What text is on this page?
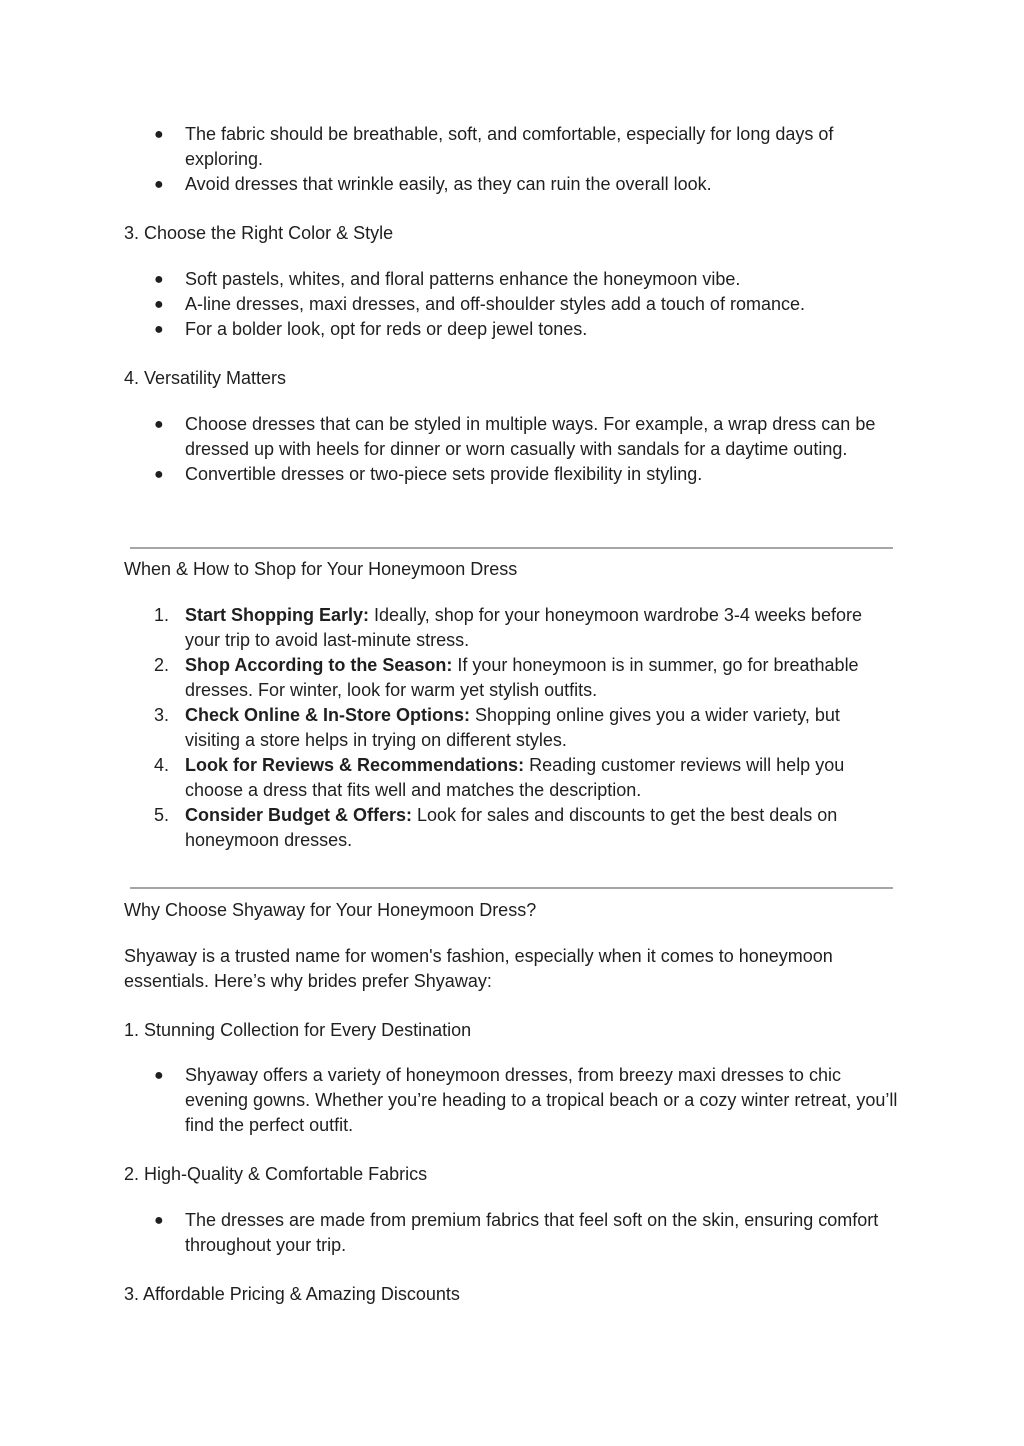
●	The fabric should be breathable, soft, and comfortable, especially for long days of exploring.
●	Avoid dresses that wrinkle easily, as they can ruin the overall look.

3. Choose the Right Color & Style

●	Soft pastels, whites, and floral patterns enhance the honeymoon vibe.
●	A-line dresses, maxi dresses, and off-shoulder styles add a touch of romance.
●	For a bolder look, opt for reds or deep jewel tones.

4. Versatility Matters

●	Choose dresses that can be styled in multiple ways. For example, a wrap dress can be dressed up with heels for dinner or worn casually with sandals for a daytime outing.
●	Convertible dresses or two-piece sets provide flexibility in styling.

When & How to Shop for Your Honeymoon Dress

1. Start Shopping Early: Ideally, shop for your honeymoon wardrobe 3-4 weeks before your trip to avoid last-minute stress.
2. Shop According to the Season: If your honeymoon is in summer, go for breathable dresses. For winter, look for warm yet stylish outfits.
3. Check Online & In-Store Options: Shopping online gives you a wider variety, but visiting a store helps in trying on different styles.
4. Look for Reviews & Recommendations: Reading customer reviews will help you choose a dress that fits well and matches the description.
5. Consider Budget & Offers: Look for sales and discounts to get the best deals on honeymoon dresses.

Why Choose Shyaway for Your Honeymoon Dress?

Shyaway is a trusted name for women's fashion, especially when it comes to honeymoon essentials. Here’s why brides prefer Shyaway:

1. Stunning Collection for Every Destination

●	Shyaway offers a variety of honeymoon dresses, from breezy maxi dresses to chic evening gowns. Whether you’re heading to a tropical beach or a cozy winter retreat, you’ll find the perfect outfit.

2. High-Quality & Comfortable Fabrics

●	The dresses are made from premium fabrics that feel soft on the skin, ensuring comfort throughout your trip.

3. Affordable Pricing & Amazing Discounts
